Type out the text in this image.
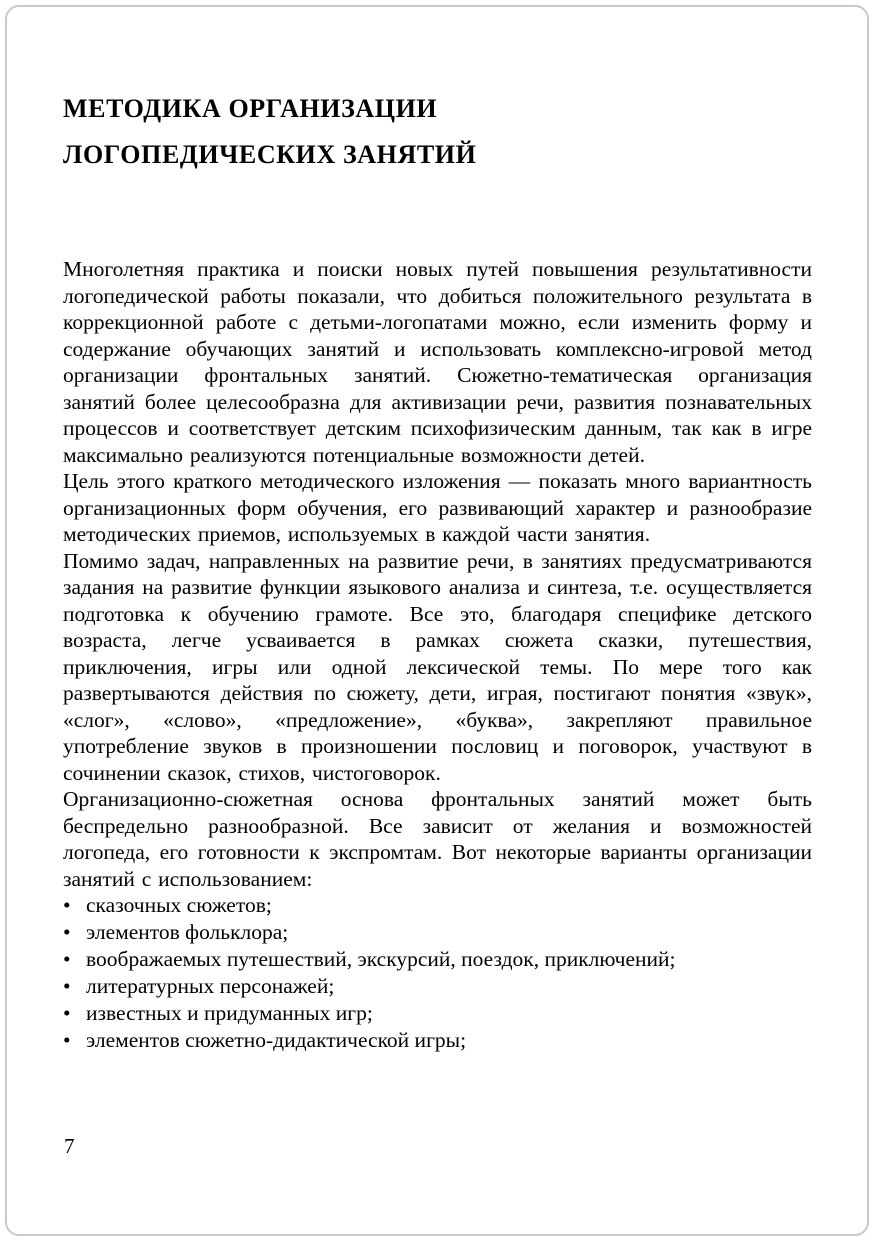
МЕТОДИКА ОРГАНИЗАЦИИ
ЛОГОПЕДИЧЕСКИХ ЗАНЯТИЙ

Многолетняя практика и поиски новых путей повышения результативности логопедической работы показали, что добиться положительного результата в коррекционной работе с детьми-логопатами можно, если изменить форму и содержание обучающих занятий и использовать комплексно-игровой метод организации фронтальных занятий. Сюжетно-тематическая организация занятий более целесообразна для активизации речи, развития познавательных процессов и соответствует детским психофизическим данным, так как в игре максимально реализуются потенциальные возможности детей.

Цель этого краткого методического изложения — показать много вариантность организационных форм обучения, его развивающий характер и разнообразие методических приемов, используемых в каждой части занятия.

Помимо задач, направленных на развитие речи, в занятиях предусматриваются задания на развитие функции языкового анализа и синтеза, т.е. осуществляется подготовка к обучению грамоте. Все это, благодаря специфике детского возраста, легче усваивается в рамках сюжета сказки, путешествия, приключения, игры или одной лексической темы. По мере того как развертываются действия по сюжету, дети, играя, постигают понятия «звук», «слог», «слово», «предложение», «буква», закрепляют правильное употребление звуков в произношении пословиц и поговорок, участвуют в сочинении сказок, стихов, чистоговорок.

Организационно-сюжетная основа фронтальных занятий может быть беспредельно разнообразной. Все зависит от желания и возможностей логопеда, его готовности к экспромтам. Вот некоторые варианты организации занятий с использованием:

• сказочных сюжетов;
• элементов фольклора;
• воображаемых путешествий, экскурсий, поездок, приключений;
• литературных персонажей;
• известных и придуманных игр;
• элементов сюжетно-дидактической игры;
7
